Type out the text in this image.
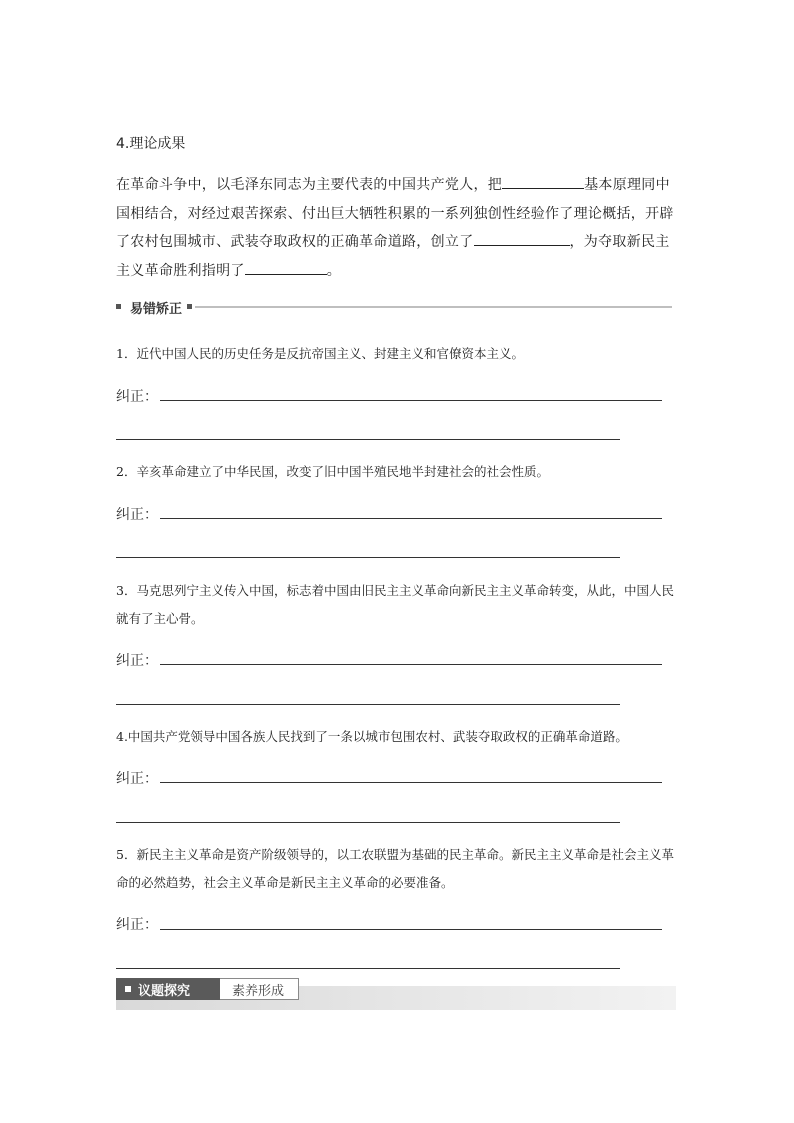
4.理论成果

在革命斗争中，以毛泽东同志为主要代表的中国共产党人，把	基本原理同中国相结合，对经过艰苦探索、付出巨大牺牲积累的一系列独创性经验作了理论概括，开辟了农村包围城市、武装夺取政权的正确革命道路，创立了	，为夺取新民主主义革命胜利指明了	。

易错矫正

1．近代中国人民的历史任务是反抗帝国主义、封建主义和官僚资本主义。

纠正：

2．辛亥革命建立了中华民国，改变了旧中国半殖民地半封建社会的社会性质。

纠正：

3．马克思列宁主义传入中国，标志着中国由旧民主主义革命向新民主主义革命转变，从此，中国人民就有了主心骨。

纠正：

4.中国共产党领导中国各族人民找到了一条以城市包围农村、武装夺取政权的正确革命道路。

纠正：

5．新民主主义革命是资产阶级领导的，以工农联盟为基础的民主革命。新民主主义革命是社会主义革命的必然趋势，社会主义革命是新民主主义革命的必要准备。

纠正：
议题探究	素养形成
